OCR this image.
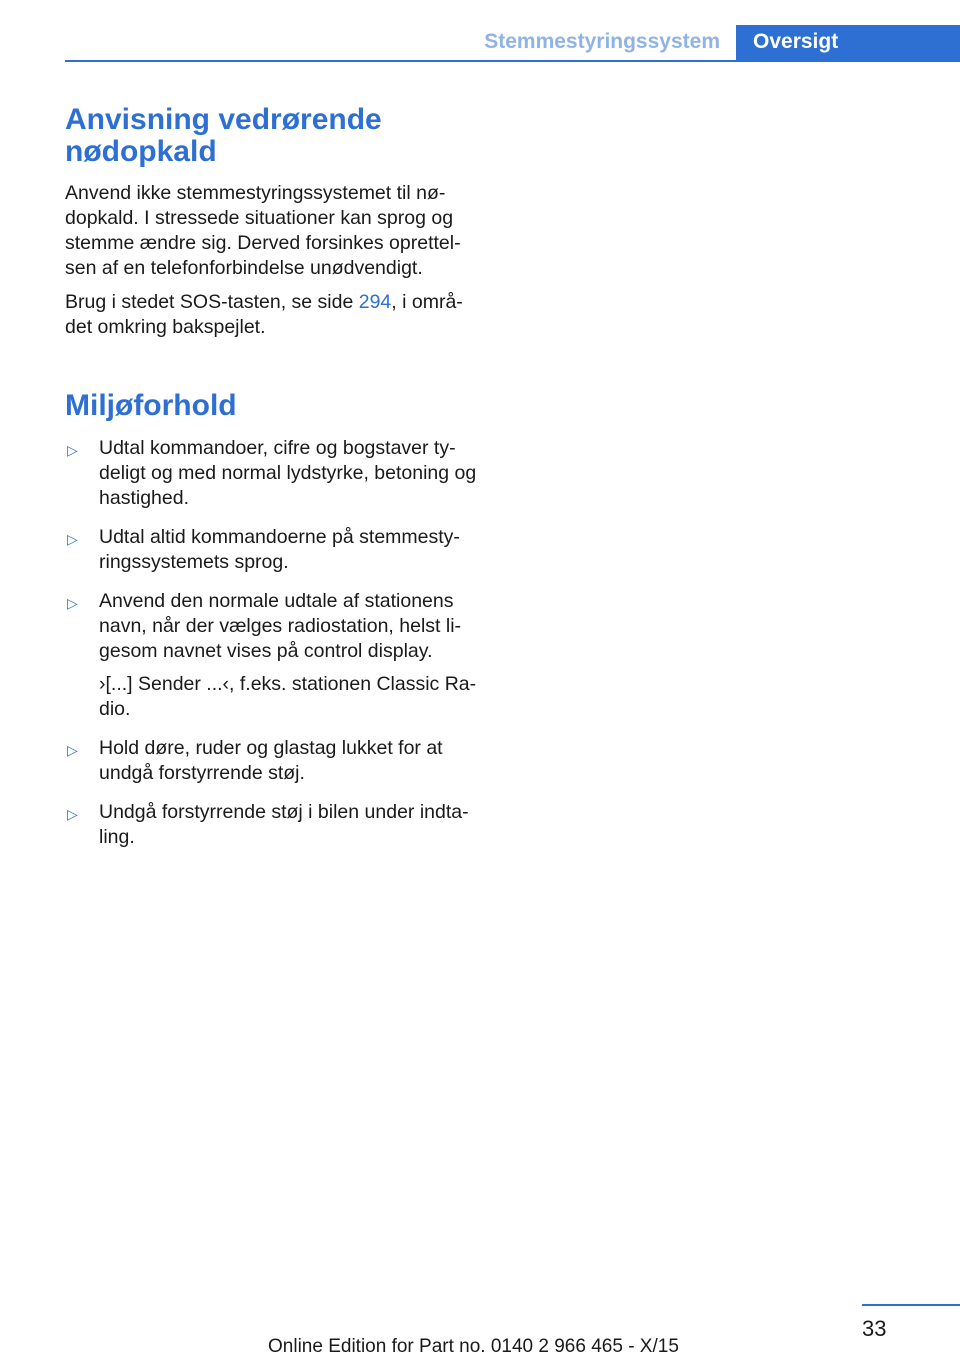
Stemmestyringssystem	Oversigt
Anvisning vedrørende nødopkald

Anvend ikke stemmestyringssystemet til nø‐dopkald. I stressede situationer kan sprog og stemme ændre sig. Derved forsinkes oprettel‐sen af en telefonforbindelse unødvendigt.

Brug i stedet SOS-tasten, se side 294, i områ‐det omkring bakspejlet.

Miljøforhold
▷ Udtal kommandoer, cifre og bogstaver ty‐deligt og med normal lydstyrke, betoning og hastighed.
▷ Udtal altid kommandoerne på stemmesty‐ringssystemets sprog.
▷ Anvend den normale udtale af stationens navn, når der vælges radiostation, helst li‐gesom navnet vises på control display.
›[...] Sender ...‹, f.eks. stationen Classic Ra‐dio.
▷ Hold døre, ruder og glastag lukket for at undgå forstyrrende støj.
▷ Undgå forstyrrende støj i bilen under indta‐ling.
33
Online Edition for Part no. 0140 2 966 465 - X/15
